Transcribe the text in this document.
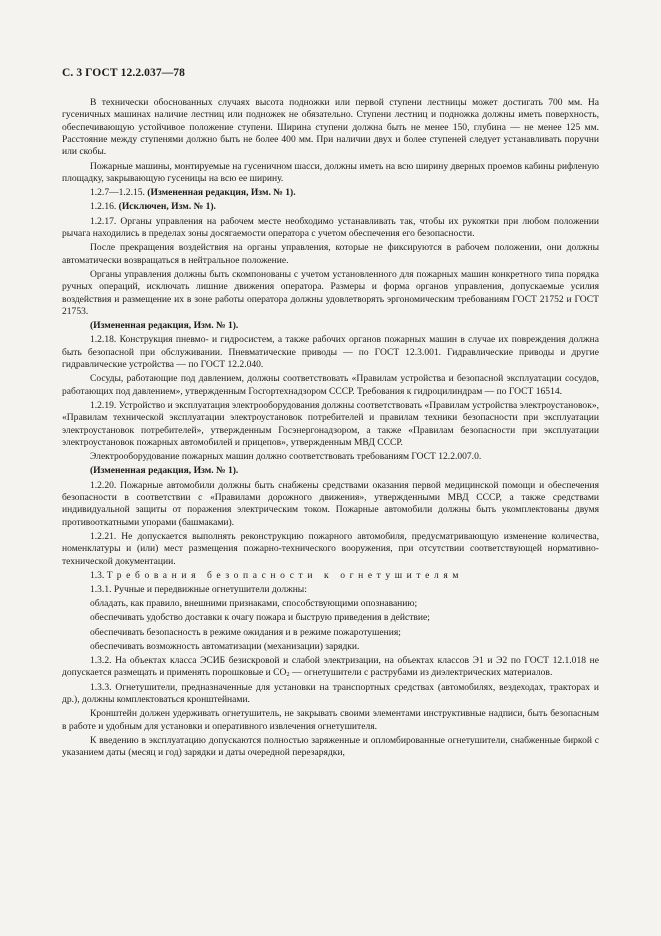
С. 3 ГОСТ 12.2.037—78

В технически обоснованных случаях высота подножки или первой ступени лестницы может достигать 700 мм. На гусеничных машинах наличие лестниц или подножек не обязательно. Ступени лестниц и подножка должны иметь поверхность, обеспечивающую устойчивое положение ступени. Ширина ступени должна быть не менее 150, глубина — не менее 125 мм. Расстояние между ступенями должно быть не более 400 мм. При наличии двух и более ступеней следует устанавливать поручни или скобы.

Пожарные машины, монтируемые на гусеничном шасси, должны иметь на всю ширину дверных проемов кабины рифленую площадку, закрывающую гусеницы на всю ее ширину.

1.2.7—1.2.15. (Измененная редакция, Изм. № 1).

1.2.16. (Исключен, Изм. № 1).

1.2.17. Органы управления на рабочем месте необходимо устанавливать так, чтобы их рукоятки при любом положении рычага находились в пределах зоны досягаемости оператора с учетом обеспечения его безопасности.

После прекращения воздействия на органы управления, которые не фиксируются в рабочем положении, они должны автоматически возвращаться в нейтральное положение.

Органы управления должны быть скомпонованы с учетом установленного для пожарных машин конкретного типа порядка ручных операций, исключать лишние движения оператора. Размеры и формa органов управления, допускаемые усилия воздействия и размещение их в зоне работы оператора должны удовлетворять эргономическим требованиям ГОСТ 21752 и ГОСТ 21753.

(Измененная редакция, Изм. № 1).

1.2.18. Конструкция пневмо- и гидросистем, а также рабочих органов пожарных машин в случае их повреждения должна быть безопасной при обслуживании. Пневматические приводы — по ГОСТ 12.3.001. Гидравлические приводы и другие гидравлические устройства — по ГОСТ 12.2.040.

Сосуды, работающие под давлением, должны соответствовать «Правилам устройства и безопасной эксплуатации сосудов, работающих под давлением», утвержденным Госгортехнадзором СССР. Требования к гидроцилиндрам — по ГОСТ 16514.

1.2.19. Устройство и эксплуатация электрооборудования должны соответствовать «Правилам устройства электроустановок», «Правилам технической эксплуатации электроустановок потребителей и правилам техники безопасности при эксплуатации электроустановок потребителей», утвержденным Госэнергонадзором, а также «Правилам безопасности при эксплуатации электроустановок пожарных автомобилей и прицепов», утвержденным МВД СССР.

Электрооборудование пожарных машин должно соответствовать требованиям ГОСТ 12.2.007.0.

(Измененная редакция, Изм. № 1).

1.2.20. Пожарные автомобили должны быть снабжены средствами оказания первой медицинской помощи и обеспечения безопасности в соответствии с «Правилами дорожного движения», утвержденными МВД СССР, а также средствами индивидуальной защиты от поражения электрическим током. Пожарные автомобили должны быть укомплектованы двумя противооткатными упорами (башмаками).

1.2.21. Не допускается выполнять реконструкцию пожарного автомобиля, предусматривающую изменение количества, номенклатуры и (или) мест размещения пожарно-технического вооружения, при отсутствии соответствующей нормативно-технической документации.

1.3. Требования безопасности к огнетушителям

1.3.1. Ручные и передвижные огнетушители должны:

обладать, как правило, внешними признаками, способствующими опознаванию;

обеспечивать удобство доставки к очагу пожара и быструю приведения в действие;

обеспечивать безопасность в режиме ожидания и в режиме пожаротушения;

обеспечивать возможность автоматизации (механизации) зарядки.

1.3.2. На объектах класса ЭСИБ безискровой и слабой электризации, на объектах классов Э1 и Э2 по ГОСТ 12.1.018 не допускается размещать и применять порошковые и $СО_2$ — огнетушители с раструбами из диэлектрических материалов.

1.3.3. Огнетушители, предназначенные для установки на транспортных средствах (автомобилях, вездеходах, тракторах и др.), должны комплектоваться кронштейнами.

Кронштейн должен удерживать огнетушитель, не закрывать своими элементами инструктивные надписи, быть безопасным в работе и удобным для установки и оперативного извлечения огнетушителя.

К введению в эксплуатацию допускаются полностью заряженные и опломбированные огнетушители, снабженные биркой с указанием даты (месяц и год) зарядки и даты очередной перезарядки,
